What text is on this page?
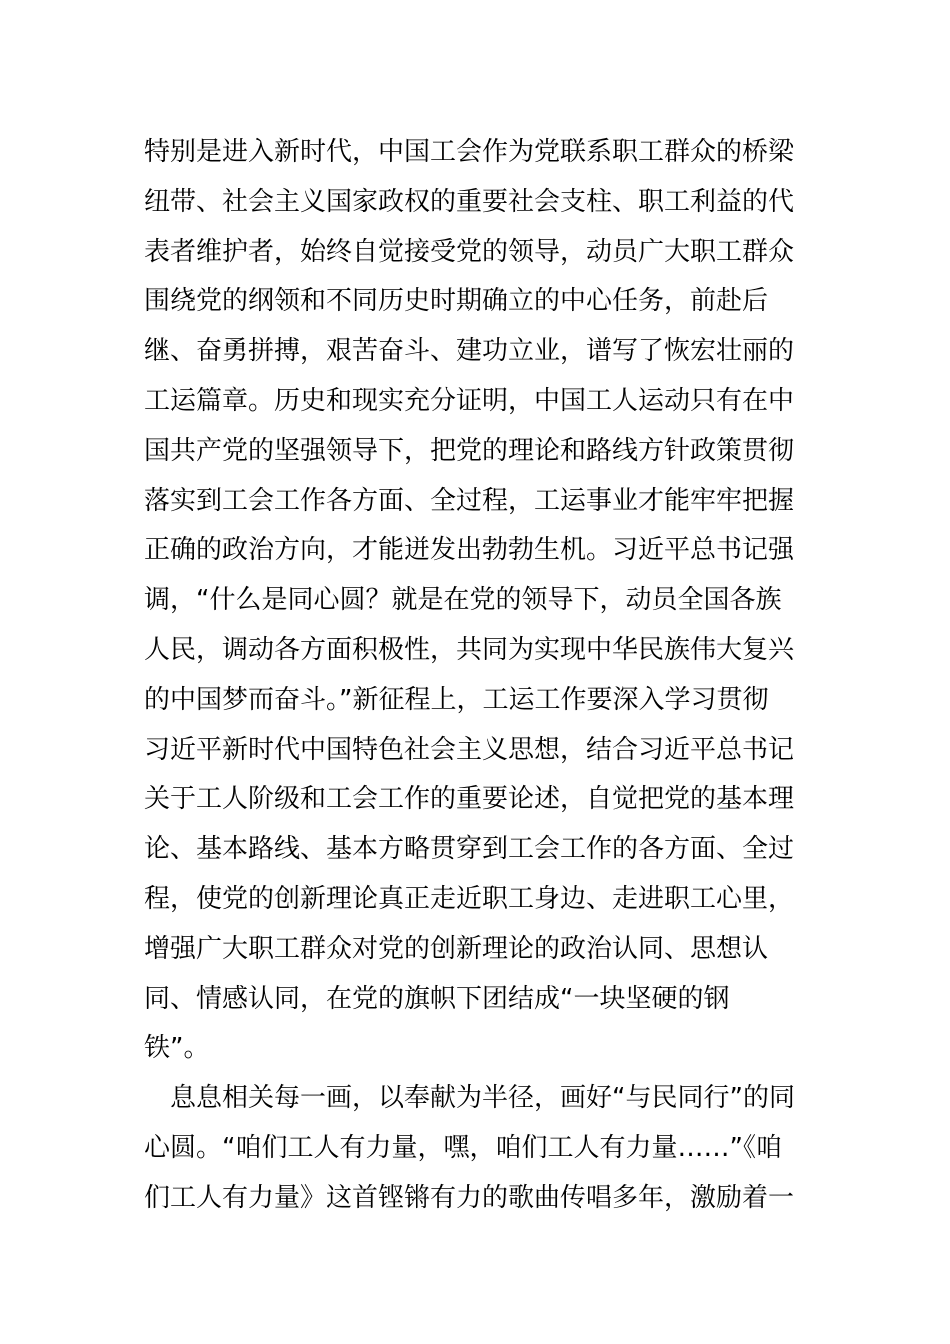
特别是进入新时代，中国工会作为党联系职工群众的桥梁
纽带、社会主义国家政权的重要社会支柱、职工利益的代
表者维护者，始终自觉接受党的领导，动员广大职工群众
围绕党的纲领和不同历史时期确立的中心任务，前赴后
继、奋勇拼搏，艰苦奋斗、建功立业，谱写了恢宏壮丽的
工运篇章。历史和现实充分证明，中国工人运动只有在中
国共产党的坚强领导下，把党的理论和路线方针政策贯彻
落实到工会工作各方面、全过程，工运事业才能牢牢把握
正确的政治方向，才能迸发出勃勃生机。习近平总书记强
调，“什么是同心圆？就是在党的领导下，动员全国各族
人民，调动各方面积极性，共同为实现中华民族伟大复兴
的中国梦而奋斗。”新征程上，工运工作要深入学习贯彻
习近平新时代中国特色社会主义思想，结合习近平总书记
关于工人阶级和工会工作的重要论述，自觉把党的基本理
论、基本路线、基本方略贯穿到工会工作的各方面、全过
程，使党的创新理论真正走近职工身边、走进职工心里，
增强广大职工群众对党的创新理论的政治认同、思想认
同、情感认同，在党的旗帜下团结成“一块坚硬的钢
铁”。
　息息相关每一画，以奉献为半径，画好“与民同行”的同
心圆。“咱们工人有力量，嘿，咱们工人有力量……”《咱
们工人有力量》这首铿锵有力的歌曲传唱多年，激励着一
